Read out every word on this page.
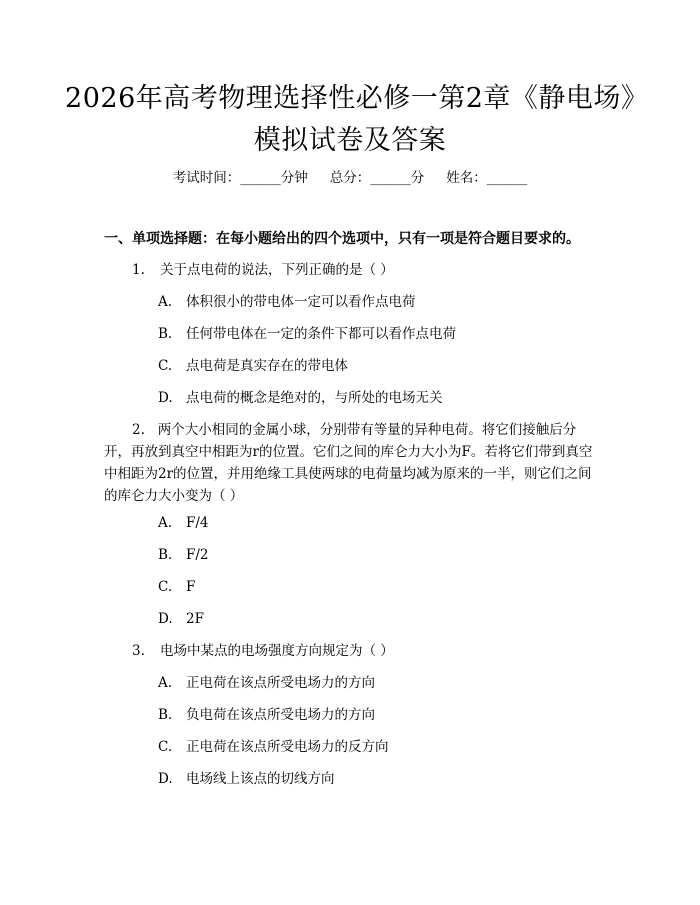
2026年高考物理选择性必修一第2章《静电场》模拟试卷及答案
考试时间：______分钟 总分：______分 姓名：______
一、单项选择题：在每小题给出的四个选项中，只有一项是符合题目要求的。
1. 关于点电荷的说法，下列正确的是（ ）
A. 体积很小的带电体一定可以看作点电荷
B. 任何带电体在一定的条件下都可以看作点电荷
C. 点电荷是真实存在的带电体
D. 点电荷的概念是绝对的，与所处的电场无关
2. 两个大小相同的金属小球，分别带有等量的异种电荷。将它们接触后分开，再放到真空中相距为r的位置。它们之间的库仑力大小为F。若将它们带到真空中相距为2r的位置，并用绝缘工具使两球的电荷量均减为原来的一半，则它们之间的库仑力大小变为（ ）
A. F/4
B. F/2
C. F
D. 2F
3. 电场中某点的电场强度方向规定为（ ）
A. 正电荷在该点所受电场力的方向
B. 负电荷在该点所受电场力的方向
C. 正电荷在该点所受电场力的反方向
D. 电场线上该点的切线方向
